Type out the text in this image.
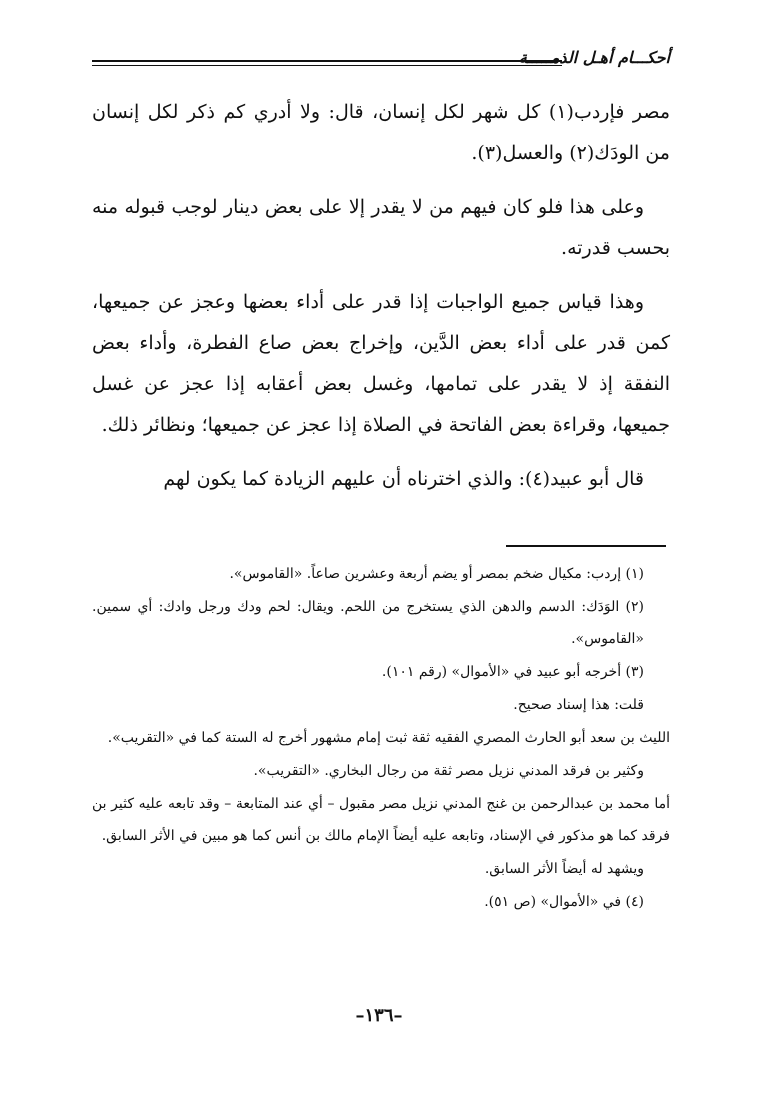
أحكـــام أهـل الذمـــــة

مصر فإردب(١) كل شهر لكل إنسان، قال: ولا أدري كم ذكر لكل إنسان من الودَك(٢) والعسل(٣).

وعلى هذا فلو كان فيهم من لا يقدر إلا على بعض دينار لوجب قبوله منه بحسب قدرته.

وهذا قياس جميع الواجبات إذا قدر على أداء بعضها وعجز عن جميعها، كمن قدر على أداء بعض الدَّين، وإخراج بعض صاع الفطرة، وأداء بعض النفقة إذ لا يقدر على تمامها، وغسل بعض أعقابه إذا عجز عن غسل جميعها، وقراءة بعض الفاتحة في الصلاة إذا عجز عن جميعها؛ ونظائر ذلك.

قال أبو عبيد(٤): والذي اخترناه أن عليهم الزيادة كما يكون لهم

(١) إردب: مكيال ضخم بمصر أو يضم أربعة وعشرين صاعاً. «القاموس».

(٢) الوَدَك: الدسم والدهن الذي يستخرج من اللحم. ويقال: لحم ودك ورجل وادك: أي سمين. «القاموس».

(٣) أخرجه أبو عبيد في «الأموال» (رقم ١٠١).

قلت: هذا إسناد صحيح.

الليث بن سعد أبو الحارث المصري الفقيه ثقة ثبت إمام مشهور أخرج له الستة كما في «التقريب».

وكثير بن فرقد المدني نزيل مصر ثقة من رجال البخاري. «التقريب».

أما محمد بن عبدالرحمن بن غنج المدني نزيل مصر مقبول – أي عند المتابعة – وقد تابعه عليه كثير بن فرقد كما هو مذكور في الإسناد، وتابعه عليه أيضاً الإمام مالك بن أنس كما هو مبين في الأثر السابق.

ويشهد له أيضاً الأثر السابق.

(٤) في «الأموال» (ص ٥١).

–١٣٦–
